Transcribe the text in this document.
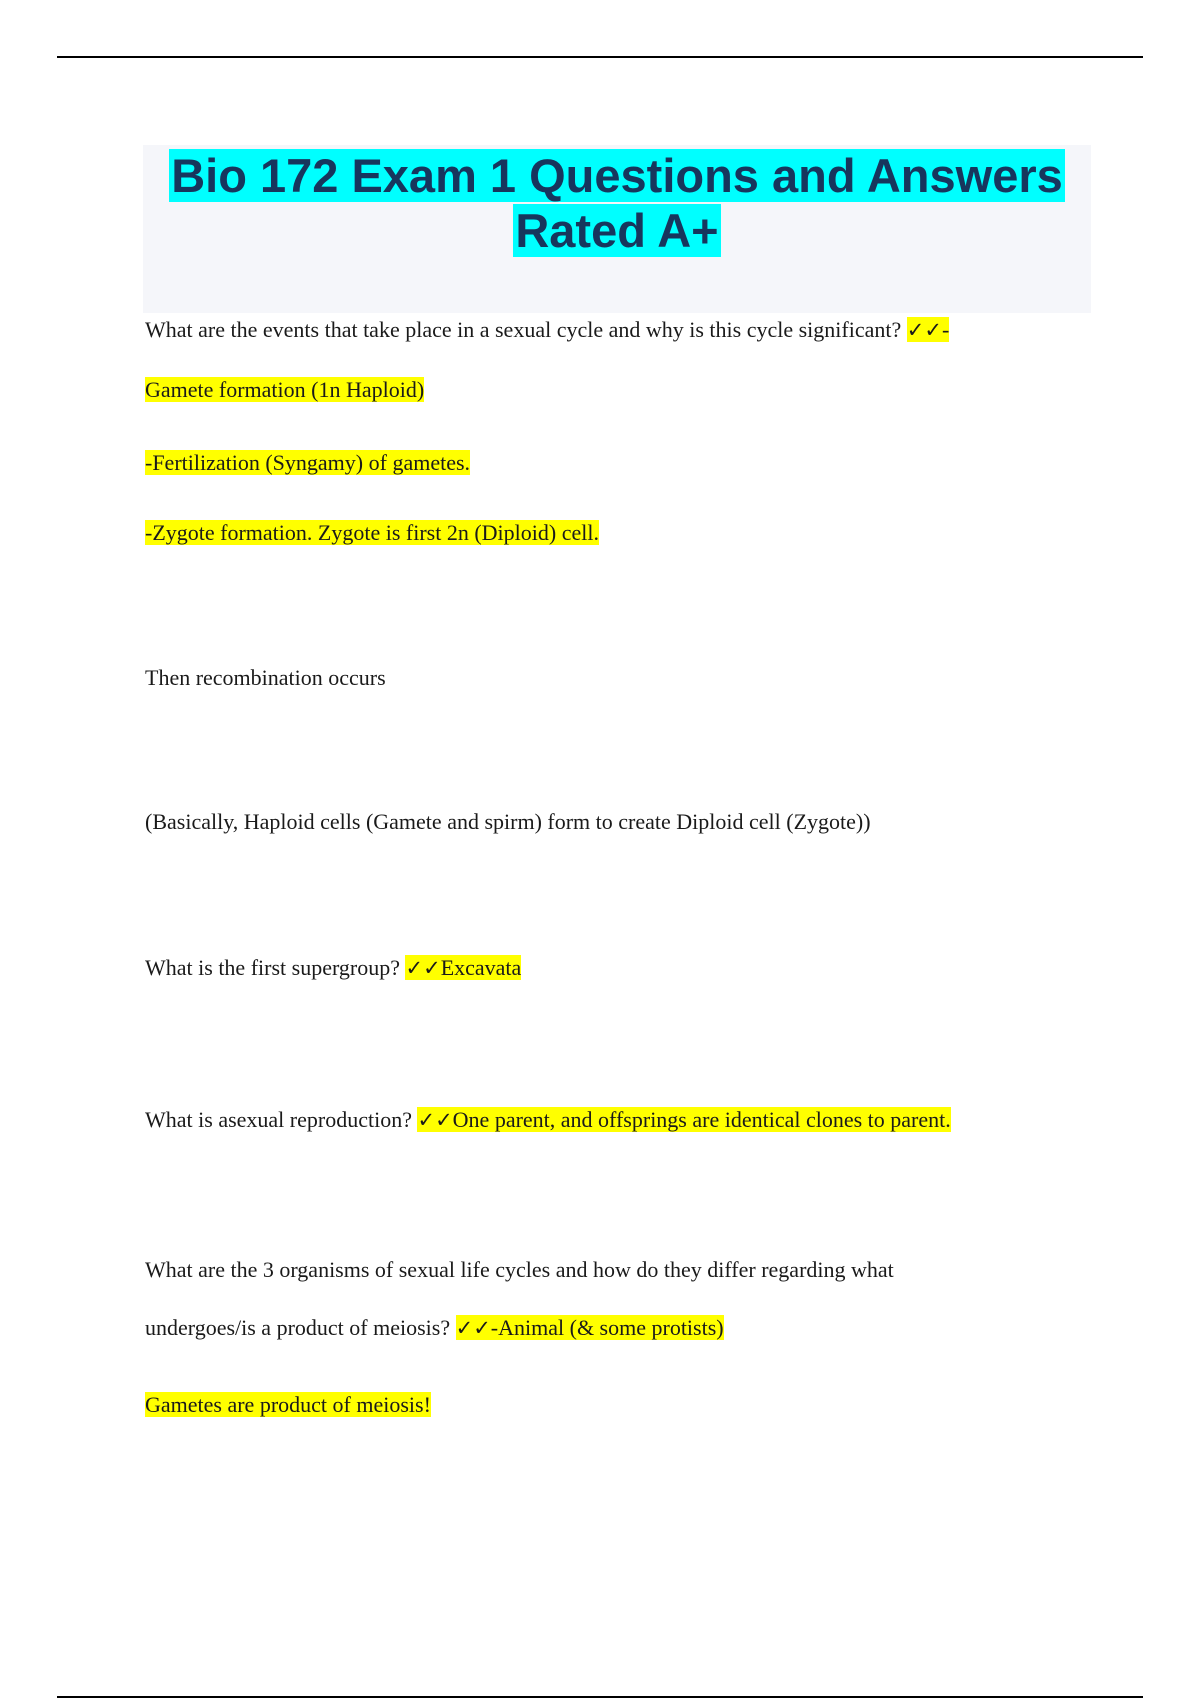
Bio 172 Exam 1 Questions and Answers
Rated A+

What are the events that take place in a sexual cycle and why is this cycle significant? ✓✓-

Gamete formation (1n Haploid)

-Fertilization (Syngamy) of gametes.

-Zygote formation. Zygote is first 2n (Diploid) cell.

Then recombination occurs

(Basically, Haploid cells (Gamete and spirm) form to create Diploid cell (Zygote))

What is the first supergroup? ✓✓Excavata

What is asexual reproduction? ✓✓One parent, and offsprings are identical clones to parent.

What are the 3 organisms of sexual life cycles and how do they differ regarding what

undergoes/is a product of meiosis? ✓✓-Animal (& some protists)

Gametes are product of meiosis!
